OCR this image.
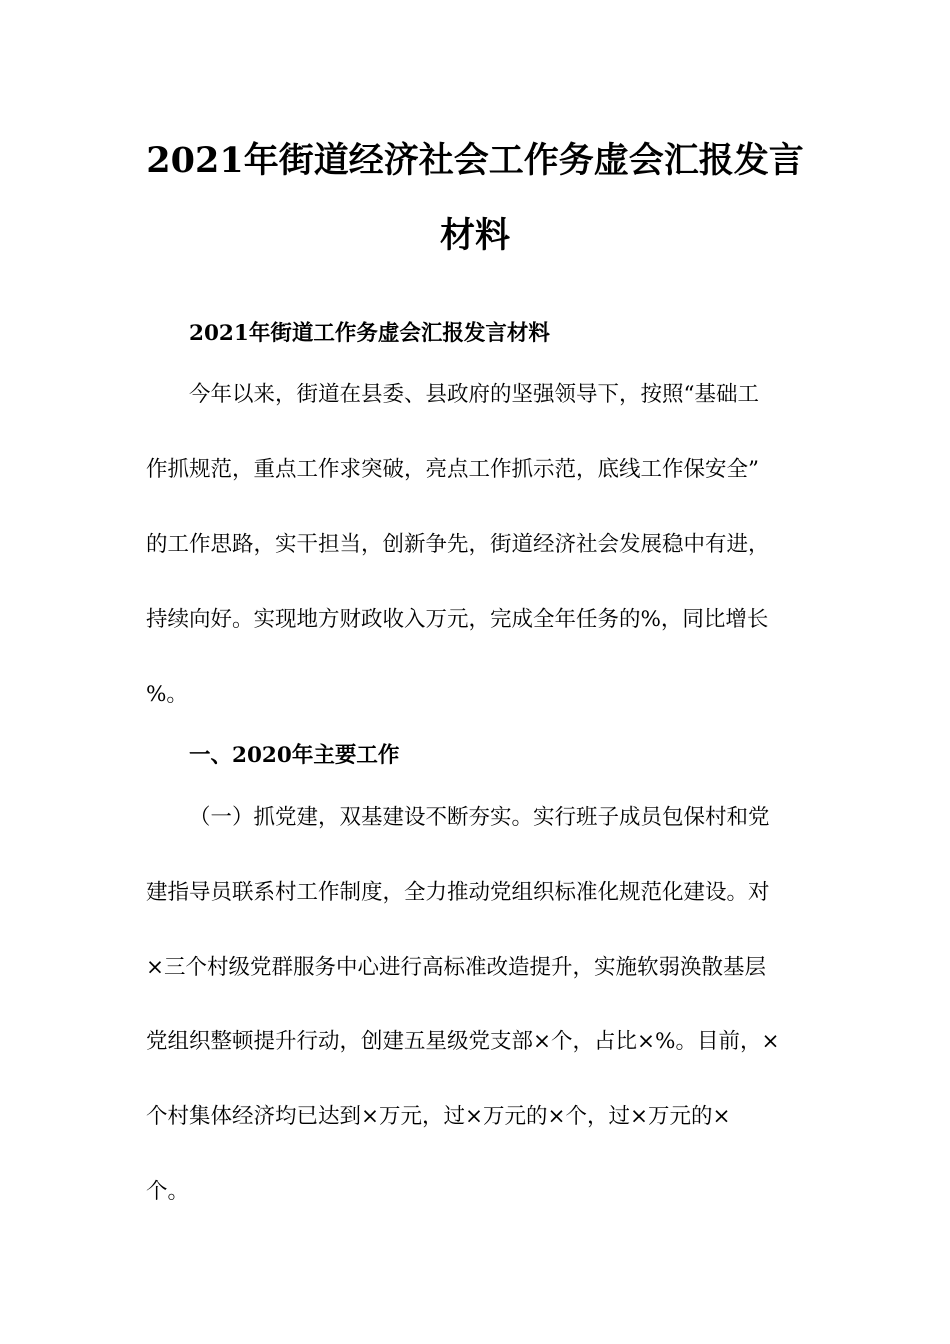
2021年街道经济社会工作务虚会汇报发言
材料
2021年街道工作务虚会汇报发言材料
今年以来，街道在县委、县政府的坚强领导下，按照“基础工
作抓规范，重点工作求突破，亮点工作抓示范，底线工作保安全”
的工作思路，实干担当，创新争先，街道经济社会发展稳中有进，
持续向好。实现地方财政收入万元，完成全年任务的%，同比增长
%。
一、2020年主要工作
（一）抓党建，双基建设不断夯实。实行班子成员包保村和党
建指导员联系村工作制度，全力推动党组织标准化规范化建设。对
×三个村级党群服务中心进行高标准改造提升，实施软弱涣散基层
党组织整顿提升行动，创建五星级党支部×个，占比×%。目前，×
个村集体经济均已达到×万元，过×万元的×个，过×万元的×
个。
